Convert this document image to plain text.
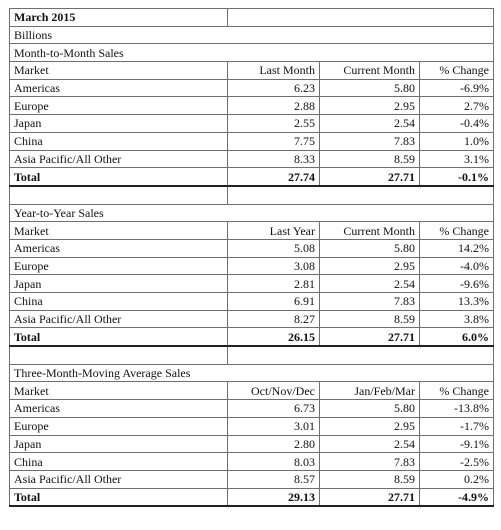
March 2015			
Billions			
Month-to-Month Sales			
Market	Last Month	Current Month	% Change
Americas	6.23	5.80	-6.9%
Europe	2.88	2.95	2.7%
Japan	2.55	2.54	-0.4%
China	7.75	7.83	1.0%
Asia Pacific/All Other	8.33	8.59	3.1%
Total	27.74	27.71	-0.1%

Year-to-Year Sales			
Market	Last Year	Current Month	% Change
Americas	5.08	5.80	14.2%
Europe	3.08	2.95	-4.0%
Japan	2.81	2.54	-9.6%
China	6.91	7.83	13.3%
Asia Pacific/All Other	8.27	8.59	3.8%
Total	26.15	27.71	6.0%

Three-Month-Moving Average Sales			
Market	Oct/Nov/Dec	Jan/Feb/Mar	% Change
Americas	6.73	5.80	-13.8%
Europe	3.01	2.95	-1.7%
Japan	2.80	2.54	-9.1%
China	8.03	7.83	-2.5%
Asia Pacific/All Other	8.57	8.59	0.2%
Total	29.13	27.71	-4.9%
